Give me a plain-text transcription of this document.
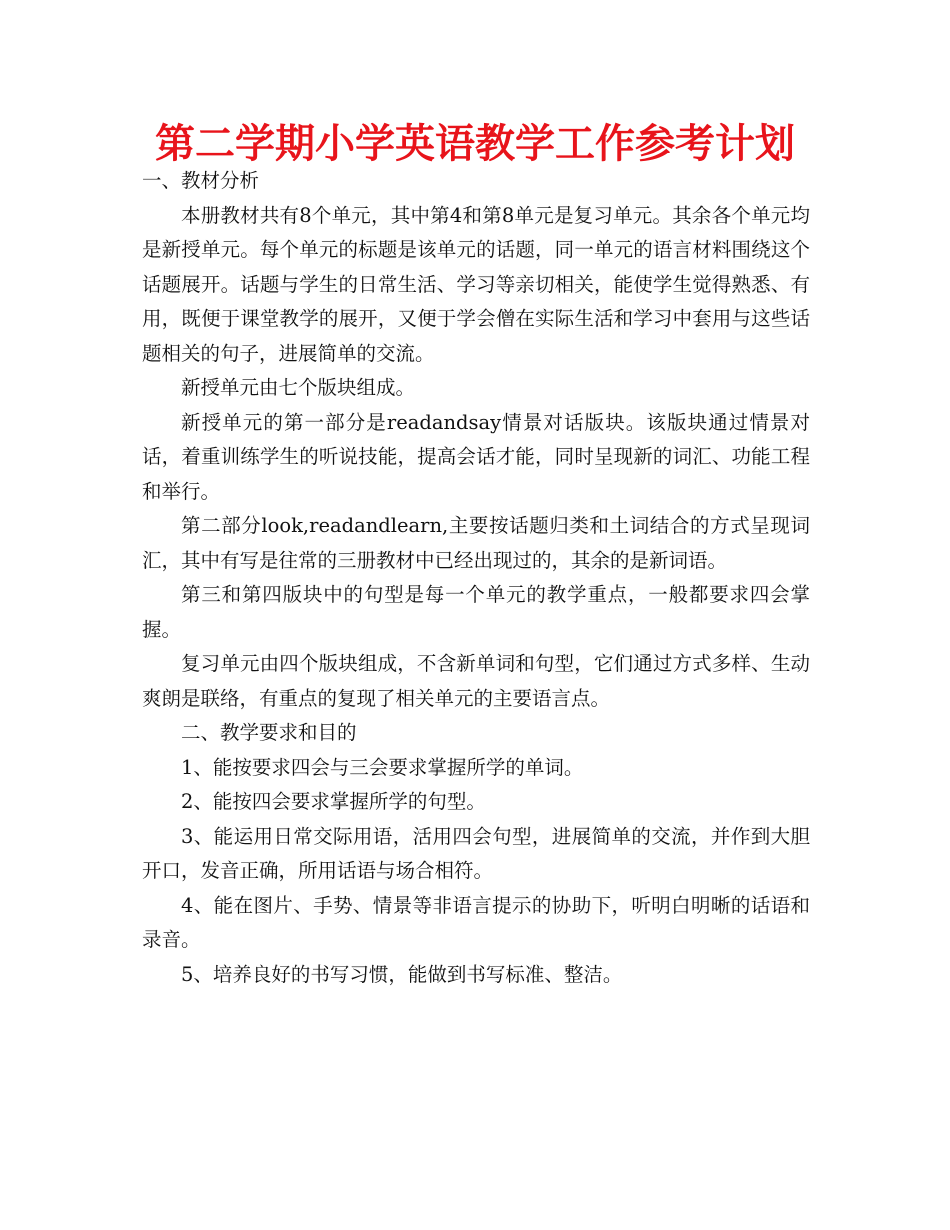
第二学期小学英语教学工作参考计划

一、教材分析

本册教材共有8个单元，其中第4和第8单元是复习单元。其余各个单元均是新授单元。每个单元的标题是该单元的话题，同一单元的语言材料围绕这个话题展开。话题与学生的日常生活、学习等亲切相关，能使学生觉得熟悉、有用，既便于课堂教学的展开，又便于学会僧在实际生活和学习中套用与这些话题相关的句子，进展简单的交流。

新授单元由七个版块组成。

新授单元的第一部分是readandsay情景对话版块。该版块通过情景对话，着重训练学生的听说技能，提高会话才能，同时呈现新的词汇、功能工程和举行。

第二部分look,readandlearn,主要按话题归类和土词结合的方式呈现词汇，其中有写是往常的三册教材中已经出现过的，其余的是新词语。

第三和第四版块中的句型是每一个单元的教学重点，一般都要求四会掌握。

复习单元由四个版块组成，不含新单词和句型，它们通过方式多样、生动爽朗是联络，有重点的复现了相关单元的主要语言点。

二、教学要求和目的

1、能按要求四会与三会要求掌握所学的单词。

2、能按四会要求掌握所学的句型。

3、能运用日常交际用语，活用四会句型，进展简单的交流，并作到大胆开口，发音正确，所用话语与场合相符。

4、能在图片、手势、情景等非语言提示的协助下，听明白明晰的话语和录音。

5、培养良好的书写习惯，能做到书写标准、整洁。
